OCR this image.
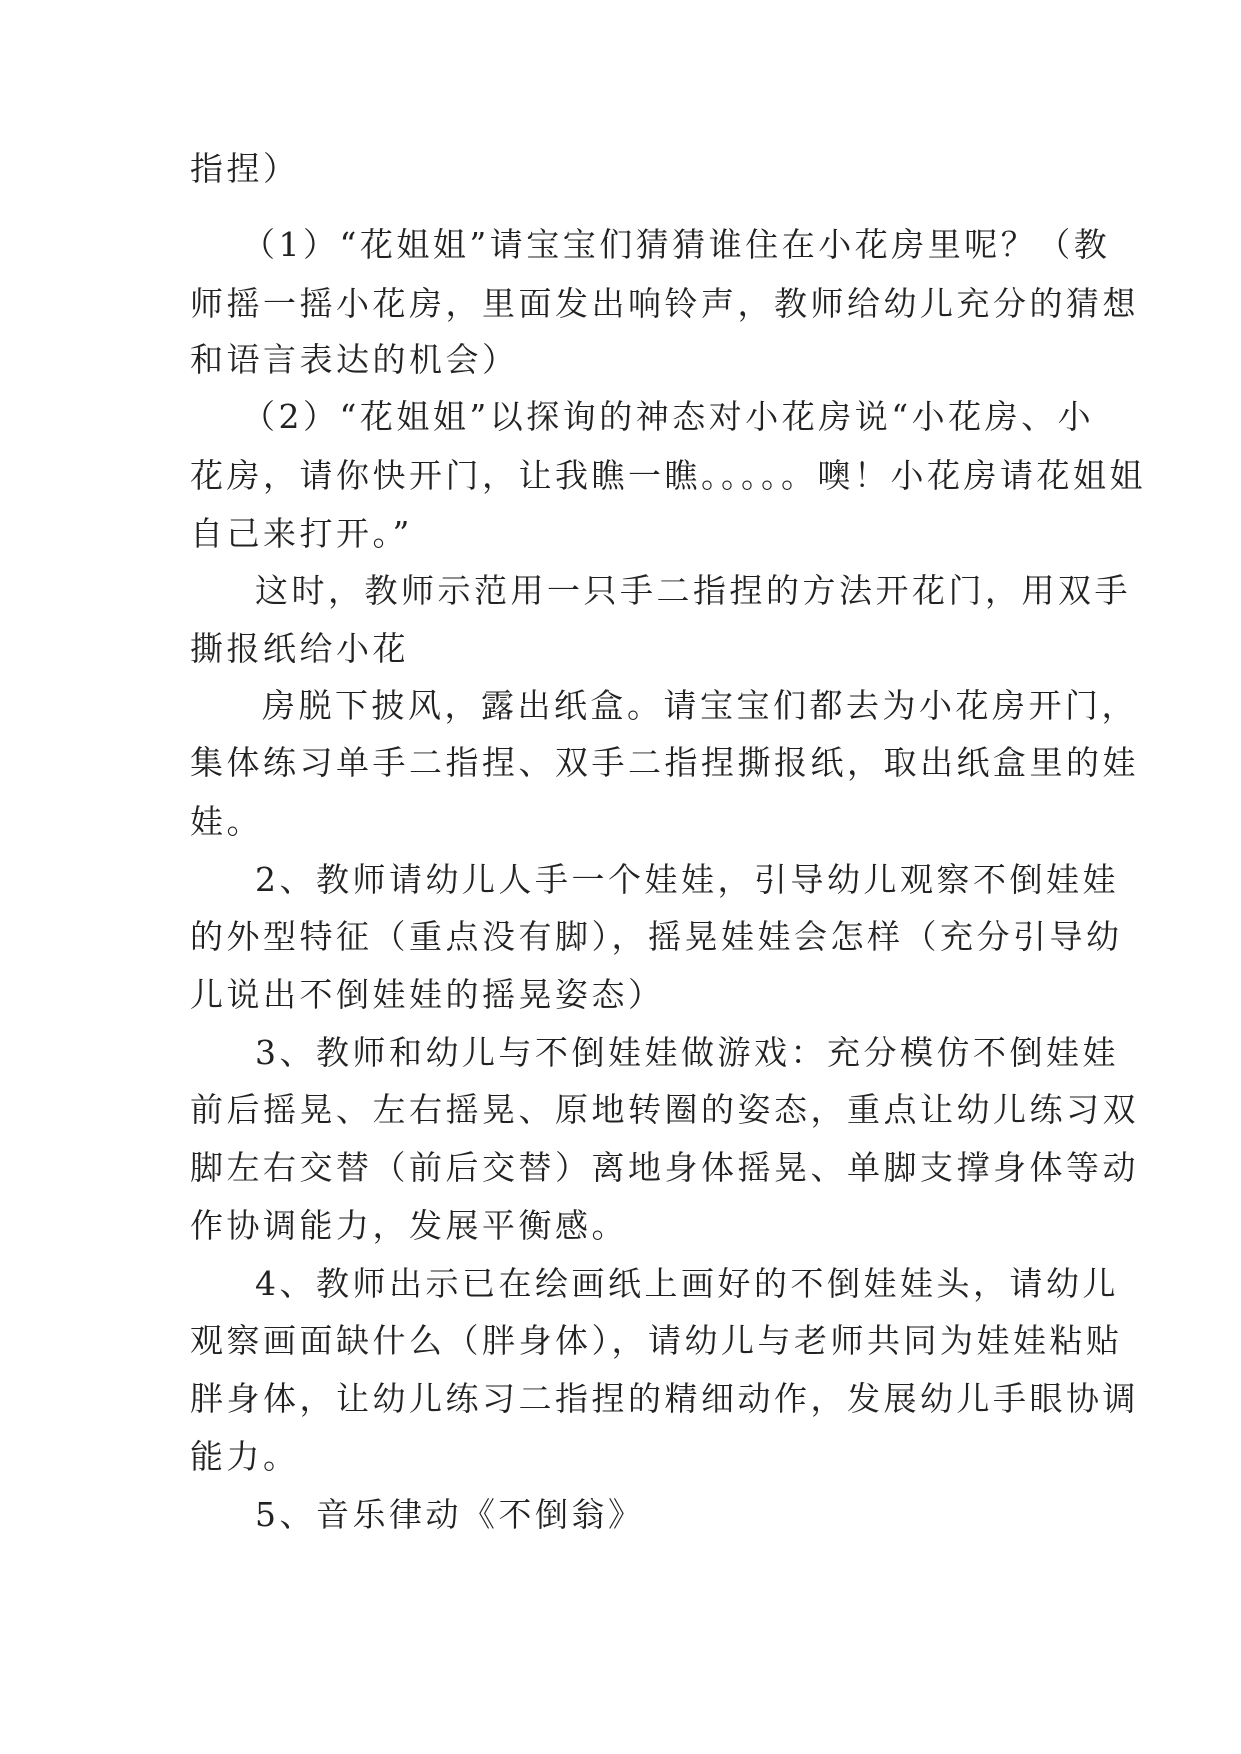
指捏）
（1）“花姐姐”请宝宝们猜猜谁住在小花房里呢？（教
师摇一摇小花房，里面发出响铃声，教师给幼儿充分的猜想
和语言表达的机会）
（2）“花姐姐”以探询的神态对小花房说“小花房、小
花房，请你快开门，让我瞧一瞧。。。。。噢！小花房请花姐姐
自己来打开。”
这时，教师示范用一只手二指捏的方法开花门，用双手
撕报纸给小花
房脱下披风，露出纸盒。请宝宝们都去为小花房开门，
集体练习单手二指捏、双手二指捏撕报纸，取出纸盒里的娃
娃。
2、教师请幼儿人手一个娃娃，引导幼儿观察不倒娃娃
的外型特征（重点没有脚），摇晃娃娃会怎样（充分引导幼
儿说出不倒娃娃的摇晃姿态）
3、教师和幼儿与不倒娃娃做游戏：充分模仿不倒娃娃
前后摇晃、左右摇晃、原地转圈的姿态，重点让幼儿练习双
脚左右交替（前后交替）离地身体摇晃、单脚支撑身体等动
作协调能力，发展平衡感。
4、教师出示已在绘画纸上画好的不倒娃娃头，请幼儿
观察画面缺什么（胖身体），请幼儿与老师共同为娃娃粘贴
胖身体，让幼儿练习二指捏的精细动作，发展幼儿手眼协调
能力。
5、音乐律动《不倒翁》
